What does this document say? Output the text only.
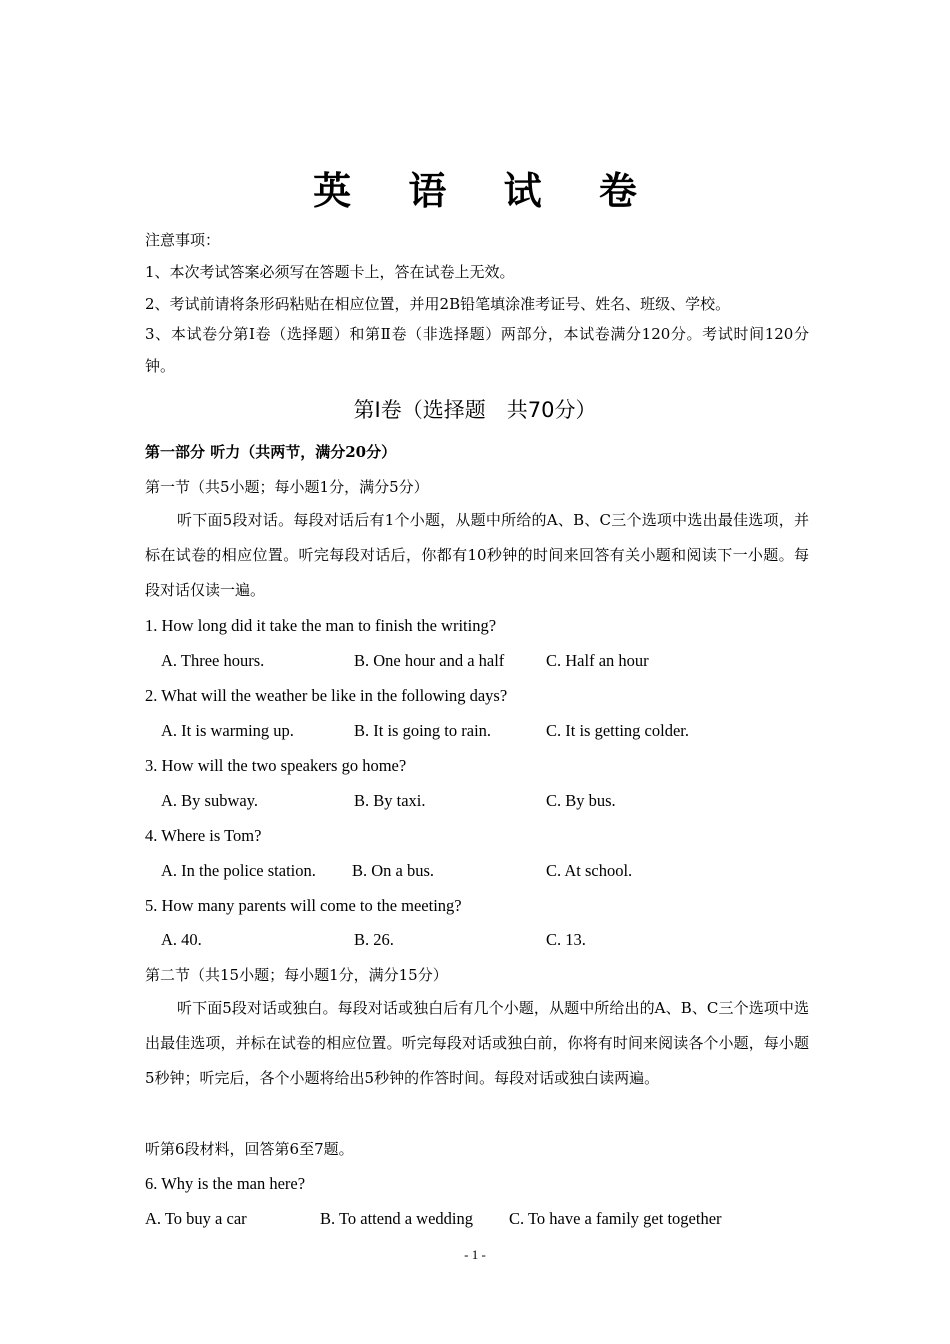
英 语 试 卷
注意事项：
1、本次考试答案必须写在答题卡上，答在试卷上无效。
2、考试前请将条形码粘贴在相应位置，并用2B铅笔填涂准考证号、姓名、班级、学校。
3、本试卷分第Ⅰ卷（选择题）和第Ⅱ卷（非选择题）两部分，本试卷满分120分。考试时间120分钟。
第Ⅰ卷（选择题　共70分）
第一部分 听力（共两节，满分20分）
第一节（共5小题；每小题1分，满分5分）
听下面5段对话。每段对话后有1个小题，从题中所给的A、B、C三个选项中选出最佳选项，并标在试卷的相应位置。听完每段对话后，你都有10秒钟的时间来回答有关小题和阅读下一小题。每段对话仅读一遍。
1. How long did it take the man to finish the writing?
A. Three hours.	B. One hour and a half	C. Half an hour
2. What will the weather be like in the following days?
A. It is warming up.	B. It is going to rain.	C. It is getting colder.
3. How will the two speakers go home?
A. By subway.	B. By taxi.	C. By bus.
4. Where is Tom?
A. In the police station. B. On a bus.	C. At school.
5. How many parents will come to the meeting?
A. 40.	B. 26.	C. 13.
第二节（共15小题；每小题1分，满分15分）
听下面5段对话或独白。每段对话或独白后有几个小题，从题中所给出的A、B、C三个选项中选出最佳选项，并标在试卷的相应位置。听完每段对话或独白前，你将有时间来阅读各个小题，每小题5秒钟；听完后，各个小题将给出5秒钟的作答时间。每段对话或独白读两遍。
听第6段材料，回答第6至7题。
6. Why is the man here?
A. To buy a car	B. To attend a wedding C. To have a family get together
- 1 -
